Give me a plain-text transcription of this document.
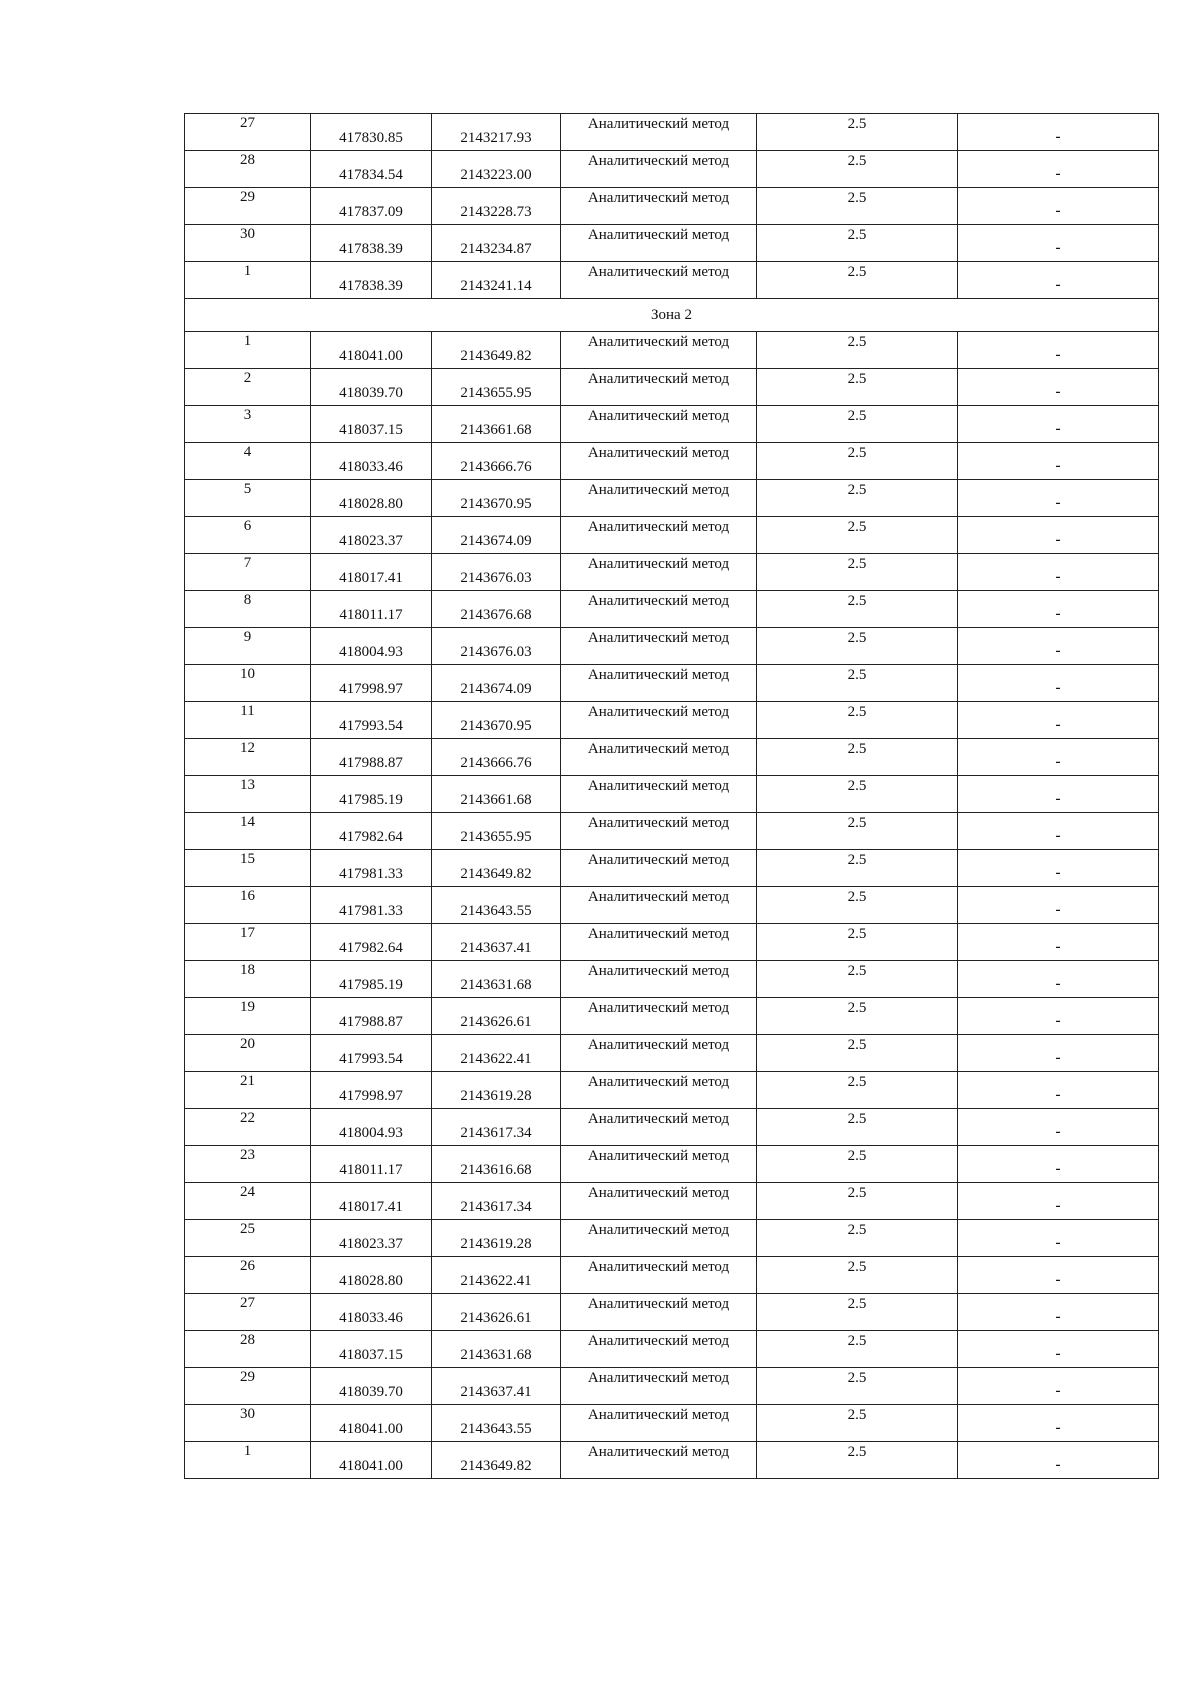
27	417830.85	2143217.93	Аналитический метод	2.5	-
28	417834.54	2143223.00	Аналитический метод	2.5	-
29	417837.09	2143228.73	Аналитический метод	2.5	-
30	417838.39	2143234.87	Аналитический метод	2.5	-
1	417838.39	2143241.14	Аналитический метод	2.5	-
Зона 2					
1	418041.00	2143649.82	Аналитический метод	2.5	-
2	418039.70	2143655.95	Аналитический метод	2.5	-
3	418037.15	2143661.68	Аналитический метод	2.5	-
4	418033.46	2143666.76	Аналитический метод	2.5	-
5	418028.80	2143670.95	Аналитический метод	2.5	-
6	418023.37	2143674.09	Аналитический метод	2.5	-
7	418017.41	2143676.03	Аналитический метод	2.5	-
8	418011.17	2143676.68	Аналитический метод	2.5	-
9	418004.93	2143676.03	Аналитический метод	2.5	-
10	417998.97	2143674.09	Аналитический метод	2.5	-
11	417993.54	2143670.95	Аналитический метод	2.5	-
12	417988.87	2143666.76	Аналитический метод	2.5	-
13	417985.19	2143661.68	Аналитический метод	2.5	-
14	417982.64	2143655.95	Аналитический метод	2.5	-
15	417981.33	2143649.82	Аналитический метод	2.5	-
16	417981.33	2143643.55	Аналитический метод	2.5	-
17	417982.64	2143637.41	Аналитический метод	2.5	-
18	417985.19	2143631.68	Аналитический метод	2.5	-
19	417988.87	2143626.61	Аналитический метод	2.5	-
20	417993.54	2143622.41	Аналитический метод	2.5	-
21	417998.97	2143619.28	Аналитический метод	2.5	-
22	418004.93	2143617.34	Аналитический метод	2.5	-
23	418011.17	2143616.68	Аналитический метод	2.5	-
24	418017.41	2143617.34	Аналитический метод	2.5	-
25	418023.37	2143619.28	Аналитический метод	2.5	-
26	418028.80	2143622.41	Аналитический метод	2.5	-
27	418033.46	2143626.61	Аналитический метод	2.5	-
28	418037.15	2143631.68	Аналитический метод	2.5	-
29	418039.70	2143637.41	Аналитический метод	2.5	-
30	418041.00	2143643.55	Аналитический метод	2.5	-
1	418041.00	2143649.82	Аналитический метод	2.5	-
